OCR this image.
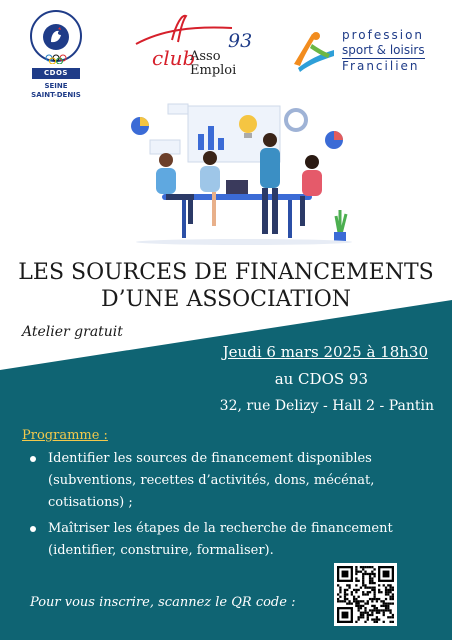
CDOS
SEINE
SAINT-DENIS
club
Asso
Emploi
93	profession
sport & loisirs
Francilien
LES SOURCES DE FINANCEMENTS
D’UNE ASSOCIATION
Atelier gratuit
Jeudi 6 mars 2025 à 18h30
au CDOS 93
32, rue Delizy - Hall 2 - Pantin
Programme :
Identifier les sources de financement disponibles
(subventions, recettes d’activités, dons, mécénat,
cotisations) ;
Maîtriser les étapes de la recherche de financement
(identifier, construire, formaliser).
Pour vous inscrire, scannez le QR code :
